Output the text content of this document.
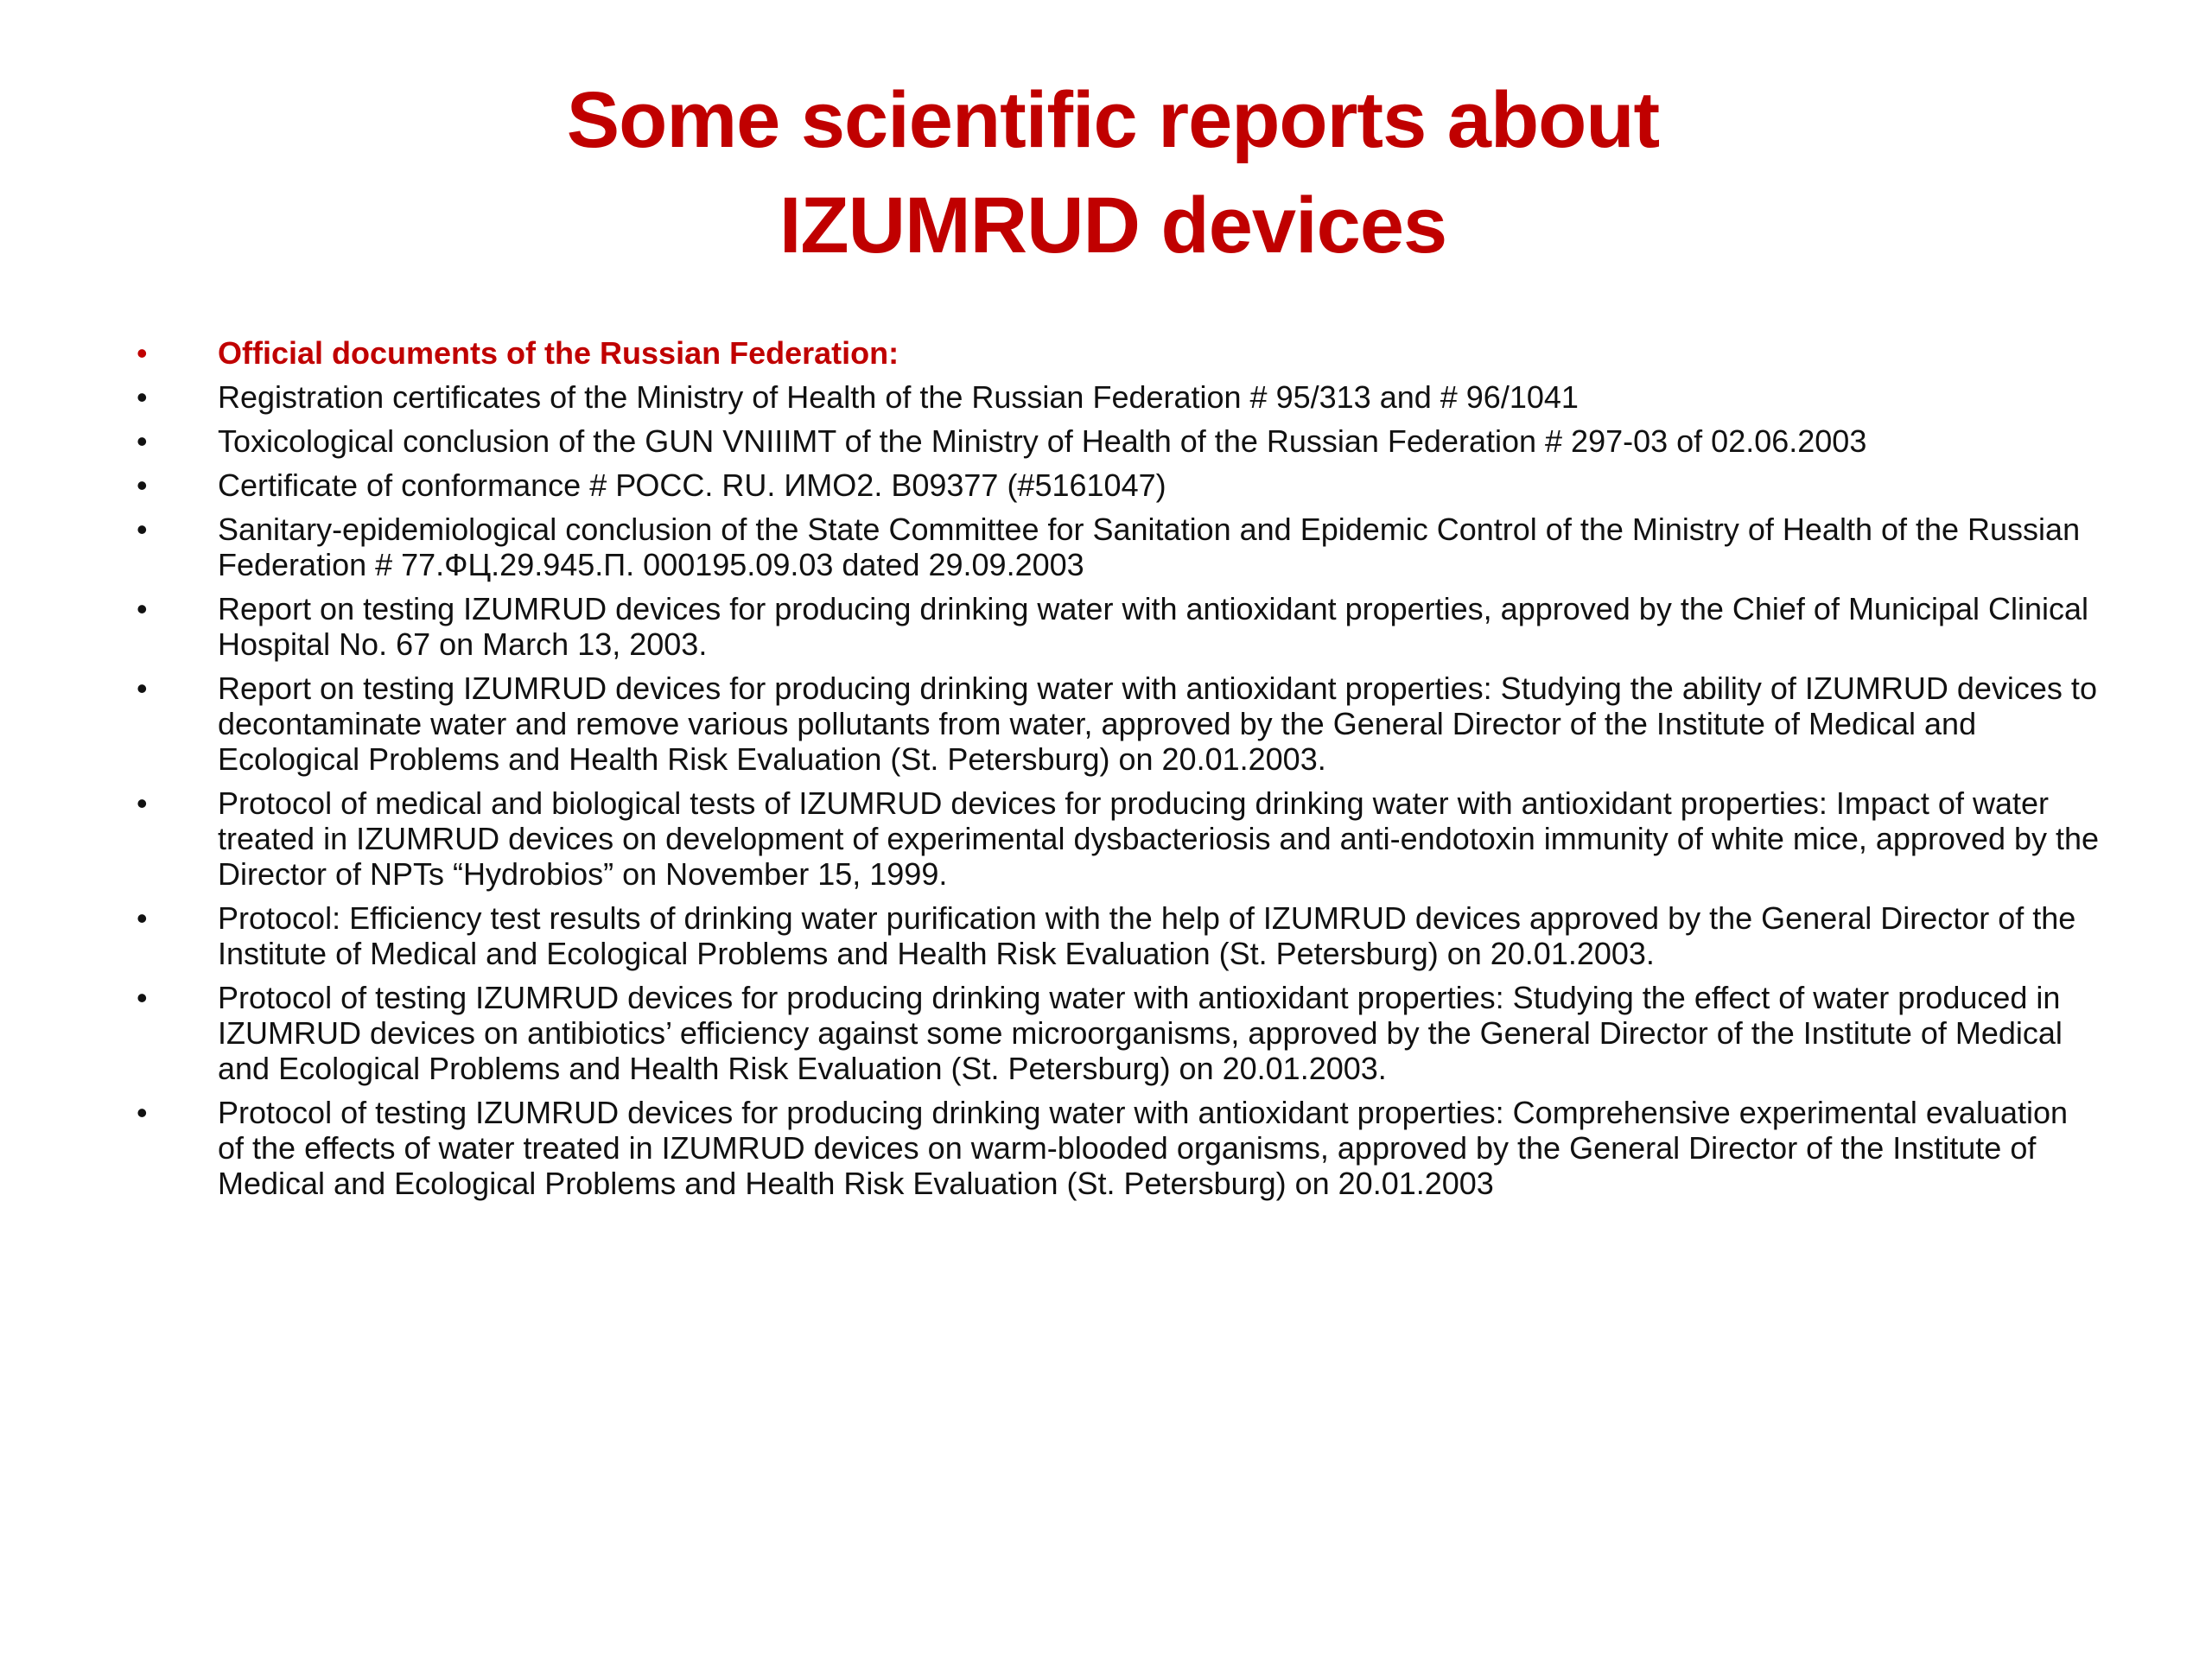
Some scientific reports about
IZUMRUD devices
• Official documents of the Russian Federation:
• Registration certificates of the Ministry of Health of the Russian Federation # 95/313 and # 96/1041
• Toxicological conclusion of the GUN VNIIIMT of the Ministry of Health of the Russian Federation # 297-03 of 02.06.2003
• Certificate of conformance # РОСС. RU. ИМО2. В09377 (#5161047)
• Sanitary-epidemiological conclusion of the State Committee for Sanitation and Epidemic Control of the Ministry of Health of the Russian Federation # 77.ФЦ.29.945.П. 000195.09.03 dated 29.09.2003
• Report on testing IZUMRUD devices for producing drinking water with antioxidant properties, approved by the Chief of Municipal Clinical Hospital No. 67 on March 13, 2003.
• Report on testing IZUMRUD devices for producing drinking water with antioxidant properties: Studying the ability of IZUMRUD devices to decontaminate water and remove various pollutants from water, approved by the General Director of the Institute of Medical and Ecological Problems and Health Risk Evaluation (St. Petersburg) on 20.01.2003.
• Protocol of medical and biological tests of IZUMRUD devices for producing drinking water with antioxidant properties: Impact of water treated in IZUMRUD devices on development of experimental dysbacteriosis and anti-endotoxin immunity of white mice, approved by the Director of NPTs “Hydrobios” on November 15, 1999.
• Protocol: Efficiency test results of drinking water purification with the help of IZUMRUD devices approved by the General Director of the Institute of Medical and Ecological Problems and Health Risk Evaluation (St. Petersburg) on 20.01.2003.
• Protocol of testing IZUMRUD devices for producing drinking water with antioxidant properties: Studying the effect of water produced in IZUMRUD devices on antibiotics’ efficiency against some microorganisms, approved by the General Director of the Institute of Medical and Ecological Problems and Health Risk Evaluation (St. Petersburg) on 20.01.2003.
• Protocol of testing IZUMRUD devices for producing drinking water with antioxidant properties: Comprehensive experimental evaluation of the effects of water treated in IZUMRUD devices on warm-blooded organisms, approved by the General Director of the Institute of Medical and Ecological Problems and Health Risk Evaluation (St. Petersburg) on 20.01.2003
